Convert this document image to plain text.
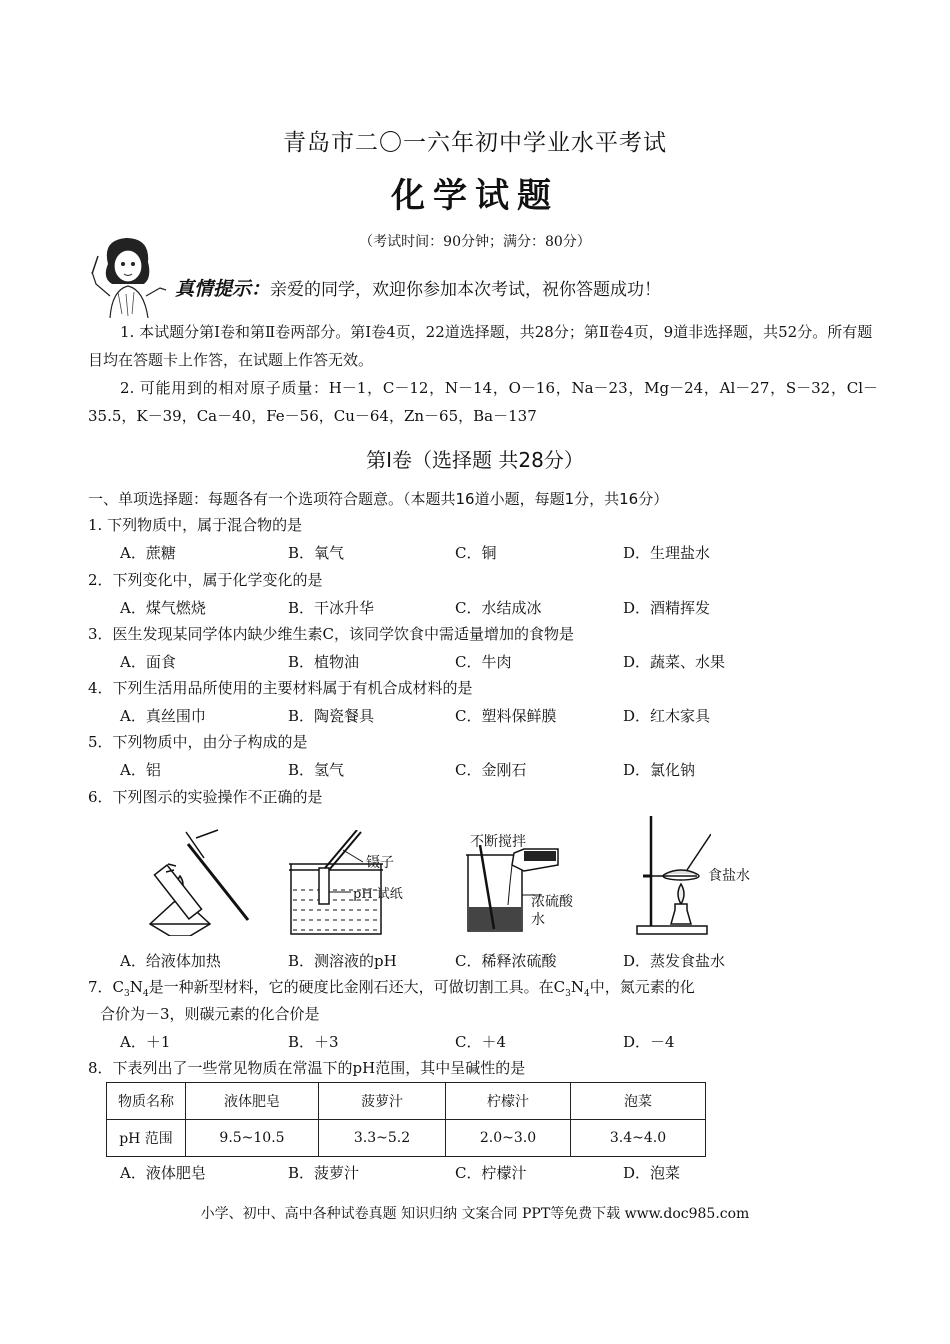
青岛市二〇一六年初中学业水平考试
化学试题
（考试时间：90分钟；满分：80分）
真情提示：亲爱的同学，欢迎你参加本次考试，祝你答题成功！
1. 本试题分第Ⅰ卷和第Ⅱ卷两部分。第Ⅰ卷4页，22道选择题，共28分；第Ⅱ卷4页，9道非选择题，共52分。所有题目均在答题卡上作答，在试题上作答无效。
2. 可能用到的相对原子质量：H－1，C－12，N－14，O－16，Na－23，Mg－24，Al－27，S－32，Cl－35.5，K－39，Ca－40，Fe－56，Cu－64，Zn－65，Ba－137
第Ⅰ卷（选择题 共28分）
一、单项选择题：每题各有一个选项符合题意。（本题共16道小题，每题1分，共16分）
1. 下列物质中，属于混合物的是
A．蔗糖	B．氧气	C．铜	D．生理盐水
2．下列变化中，属于化学变化的是
A．煤气燃烧	B．干冰升华	C．水结成冰	D．酒精挥发
3．医生发现某同学体内缺少维生素C，该同学饮食中需适量增加的食物是
A．面食	B．植物油	C．牛肉	D．蔬菜、水果
4．下列生活用品所使用的主要材料属于有机合成材料的是
A．真丝围巾	B．陶瓷餐具	C．塑料保鲜膜	D．红木家具
5．下列物质中，由分子构成的是
A．铝	B．氢气	C．金刚石	D．氯化钠
6．下列图示的实验操作不正确的是
镊子
pH 试纸
不断搅拌
浓硫酸
水
食盐水
A．给液体加热	B．测溶液的pH	C．稀释浓硫酸	D．蒸发食盐水
7．$C_3N_4$是一种新型材料，它的硬度比金刚石还大，可做切割工具。在$C_3N_4$中，氮元素的化
合价为－3，则碳元素的化合价是
A．＋1	B．＋3	C．＋4	D．－4
8．下表列出了一些常见物质在常温下的pH范围，其中呈碱性的是
物质名称	液体肥皂	菠萝汁	柠檬汁	泡菜
pH 范围	9.5~10.5	3.3~5.2	2.0~3.0	3.4~4.0
A．液体肥皂	B．菠萝汁	C．柠檬汁	D．泡菜
小学、初中、高中各种试卷真题 知识归纳 文案合同 PPT等免费下载 www.doc985.com
